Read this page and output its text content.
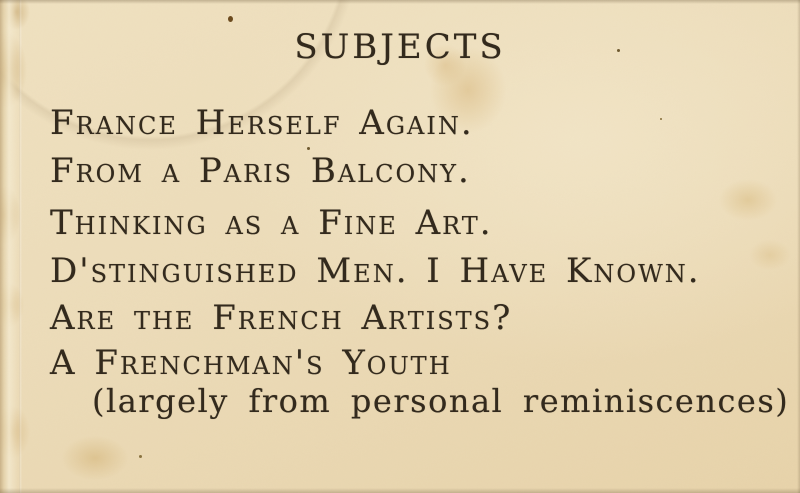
SUBJECTS
France Herself Again.
From a Paris Balcony.
Thinking as a Fine Art.
D'stinguished Men. I Have Known.
Are the French Artists?
A Frenchman's Youth
(largely from personal reminiscences)
